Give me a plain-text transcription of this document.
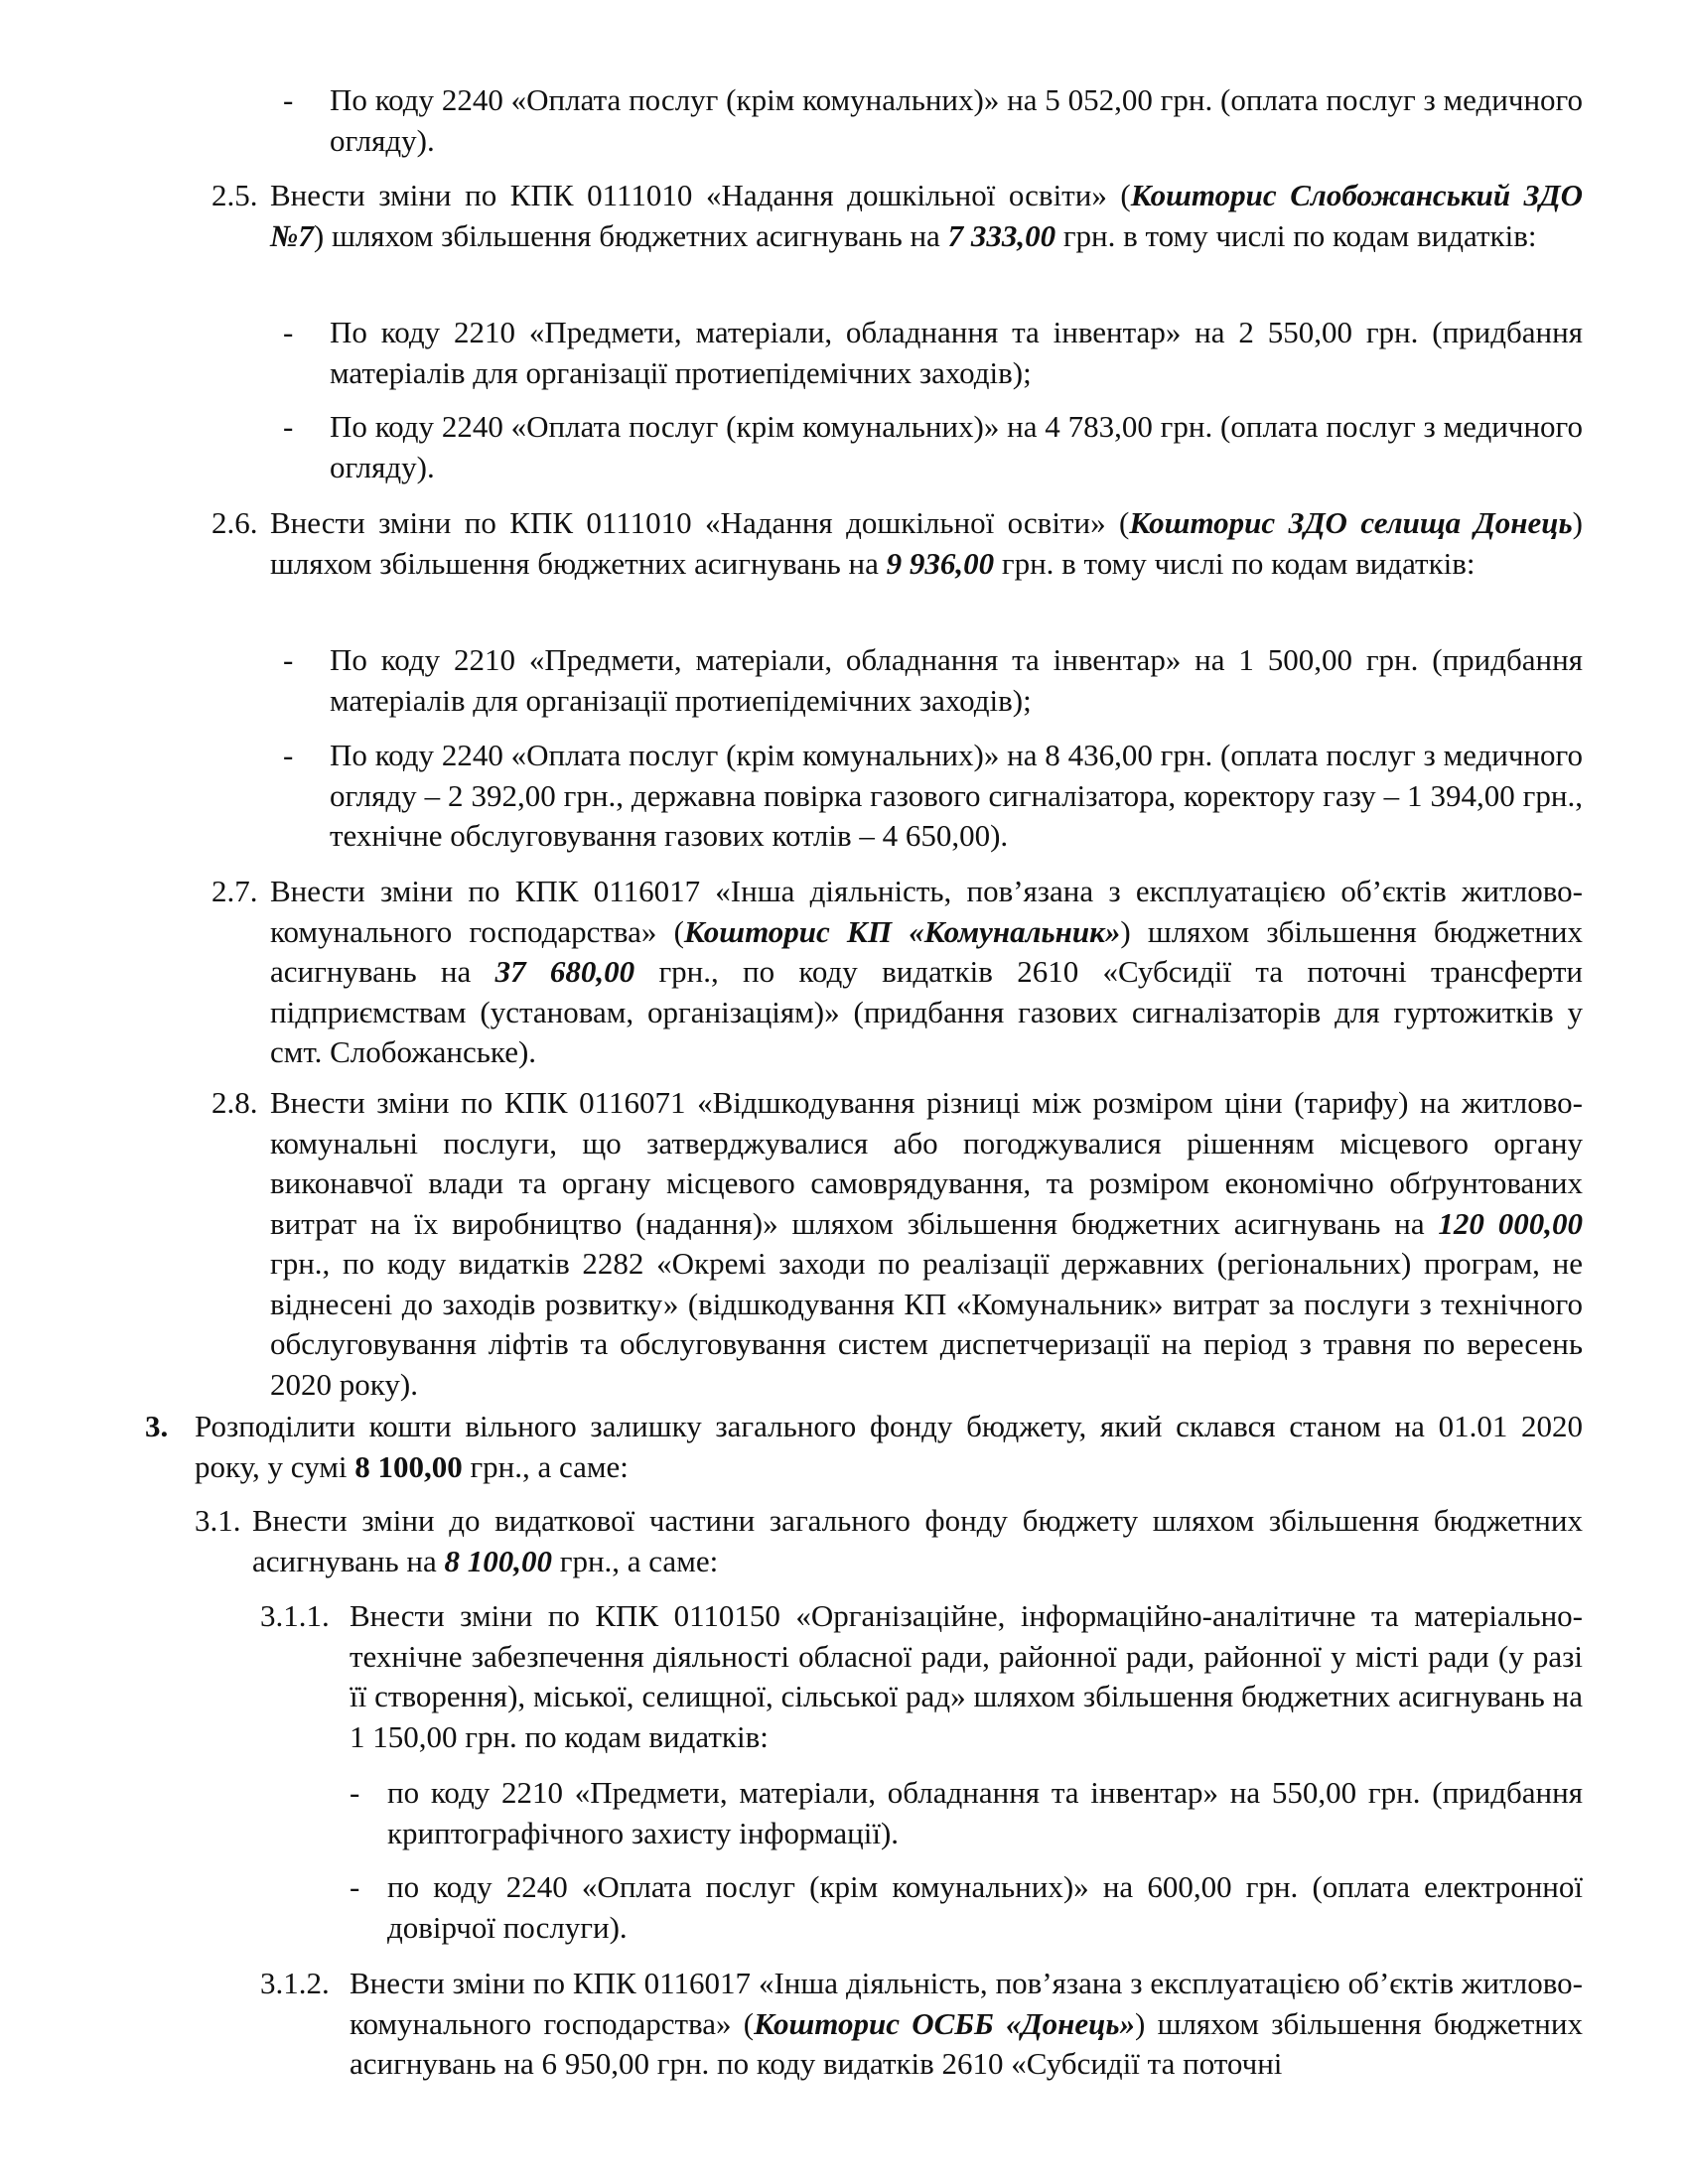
- По коду 2240 «Оплата послуг (крім комунальних)» на 5 052,00 грн. (оплата послуг з медичного огляду).
2.5. Внести зміни по КПК 0111010 «Надання дошкільної освіти» (Кошторис Слобожанський ЗДО №7) шляхом збільшення бюджетних асигнувань на 7 333,00 грн. в тому числі по кодам видатків:
- По коду 2210 «Предмети, матеріали, обладнання та інвентар» на 2 550,00 грн. (придбання матеріалів для організації протиепідемічних заходів);
- По коду 2240 «Оплата послуг (крім комунальних)» на 4 783,00 грн. (оплата послуг з медичного огляду).
2.6. Внести зміни по КПК 0111010 «Надання дошкільної освіти» (Кошторис ЗДО селища Донець) шляхом збільшення бюджетних асигнувань на 9 936,00 грн. в тому числі по кодам видатків:
- По коду 2210 «Предмети, матеріали, обладнання та інвентар» на 1 500,00 грн. (придбання матеріалів для організації протиепідемічних заходів);
- По коду 2240 «Оплата послуг (крім комунальних)» на 8 436,00 грн. (оплата послуг з медичного огляду – 2 392,00 грн., державна повірка газового сигналізатора, коректору газу – 1 394,00 грн., технічне обслуговування газових котлів – 4 650,00).
2.7. Внести зміни по КПК 0116017 «Інша діяльність, пов’язана з експлуатацією об’єктів житлово-комунального господарства» (Кошторис КП «Комунальник») шляхом збільшення бюджетних асигнувань на 37 680,00 грн., по коду видатків 2610 «Субсидії та поточні трансферти підприємствам (установам, організаціям)» (придбання газових сигналізаторів для гуртожитків у смт. Слобожанське).
2.8. Внести зміни по КПК 0116071 «Відшкодування різниці між розміром ціни (тарифу) на житлово-комунальні послуги, що затверджувалися або погоджувалися рішенням місцевого органу виконавчої влади та органу місцевого самоврядування, та розміром економічно обґрунтованих витрат на їх виробництво (надання)» шляхом збільшення бюджетних асигнувань на 120 000,00 грн., по коду видатків 2282 «Окремі заходи по реалізації державних (регіональних) програм, не віднесені до заходів розвитку» (відшкодування КП «Комунальник» витрат за послуги з технічного обслуговування ліфтів та обслуговування систем диспетчеризації на період з травня по вересень 2020 року).
3. Розподілити кошти вільного залишку загального фонду бюджету, який склався станом на 01.01 2020 року, у сумі 8 100,00 грн., а саме:
3.1. Внести зміни до видаткової частини загального фонду бюджету шляхом збільшення бюджетних асигнувань на 8 100,00 грн., а саме:
3.1.1. Внести зміни по КПК 0110150 «Організаційне, інформаційно-аналітичне та матеріально-технічне забезпечення діяльності обласної ради, районної ради, районної у місті ради (у разі її створення), міської, селищної, сільської рад» шляхом збільшення бюджетних асигнувань на 1 150,00 грн. по кодам видатків:
- по коду 2210 «Предмети, матеріали, обладнання та інвентар» на 550,00 грн. (придбання криптографічного захисту інформації).
- по коду 2240 «Оплата послуг (крім комунальних)» на 600,00 грн. (оплата електронної довірчої послуги).
3.1.2. Внести зміни по КПК 0116017 «Інша діяльність, пов’язана з експлуатацією об’єктів житлово-комунального господарства» (Кошторис ОСББ «Донець») шляхом збільшення бюджетних асигнувань на 6 950,00 грн. по коду видатків 2610 «Субсидії та поточні
